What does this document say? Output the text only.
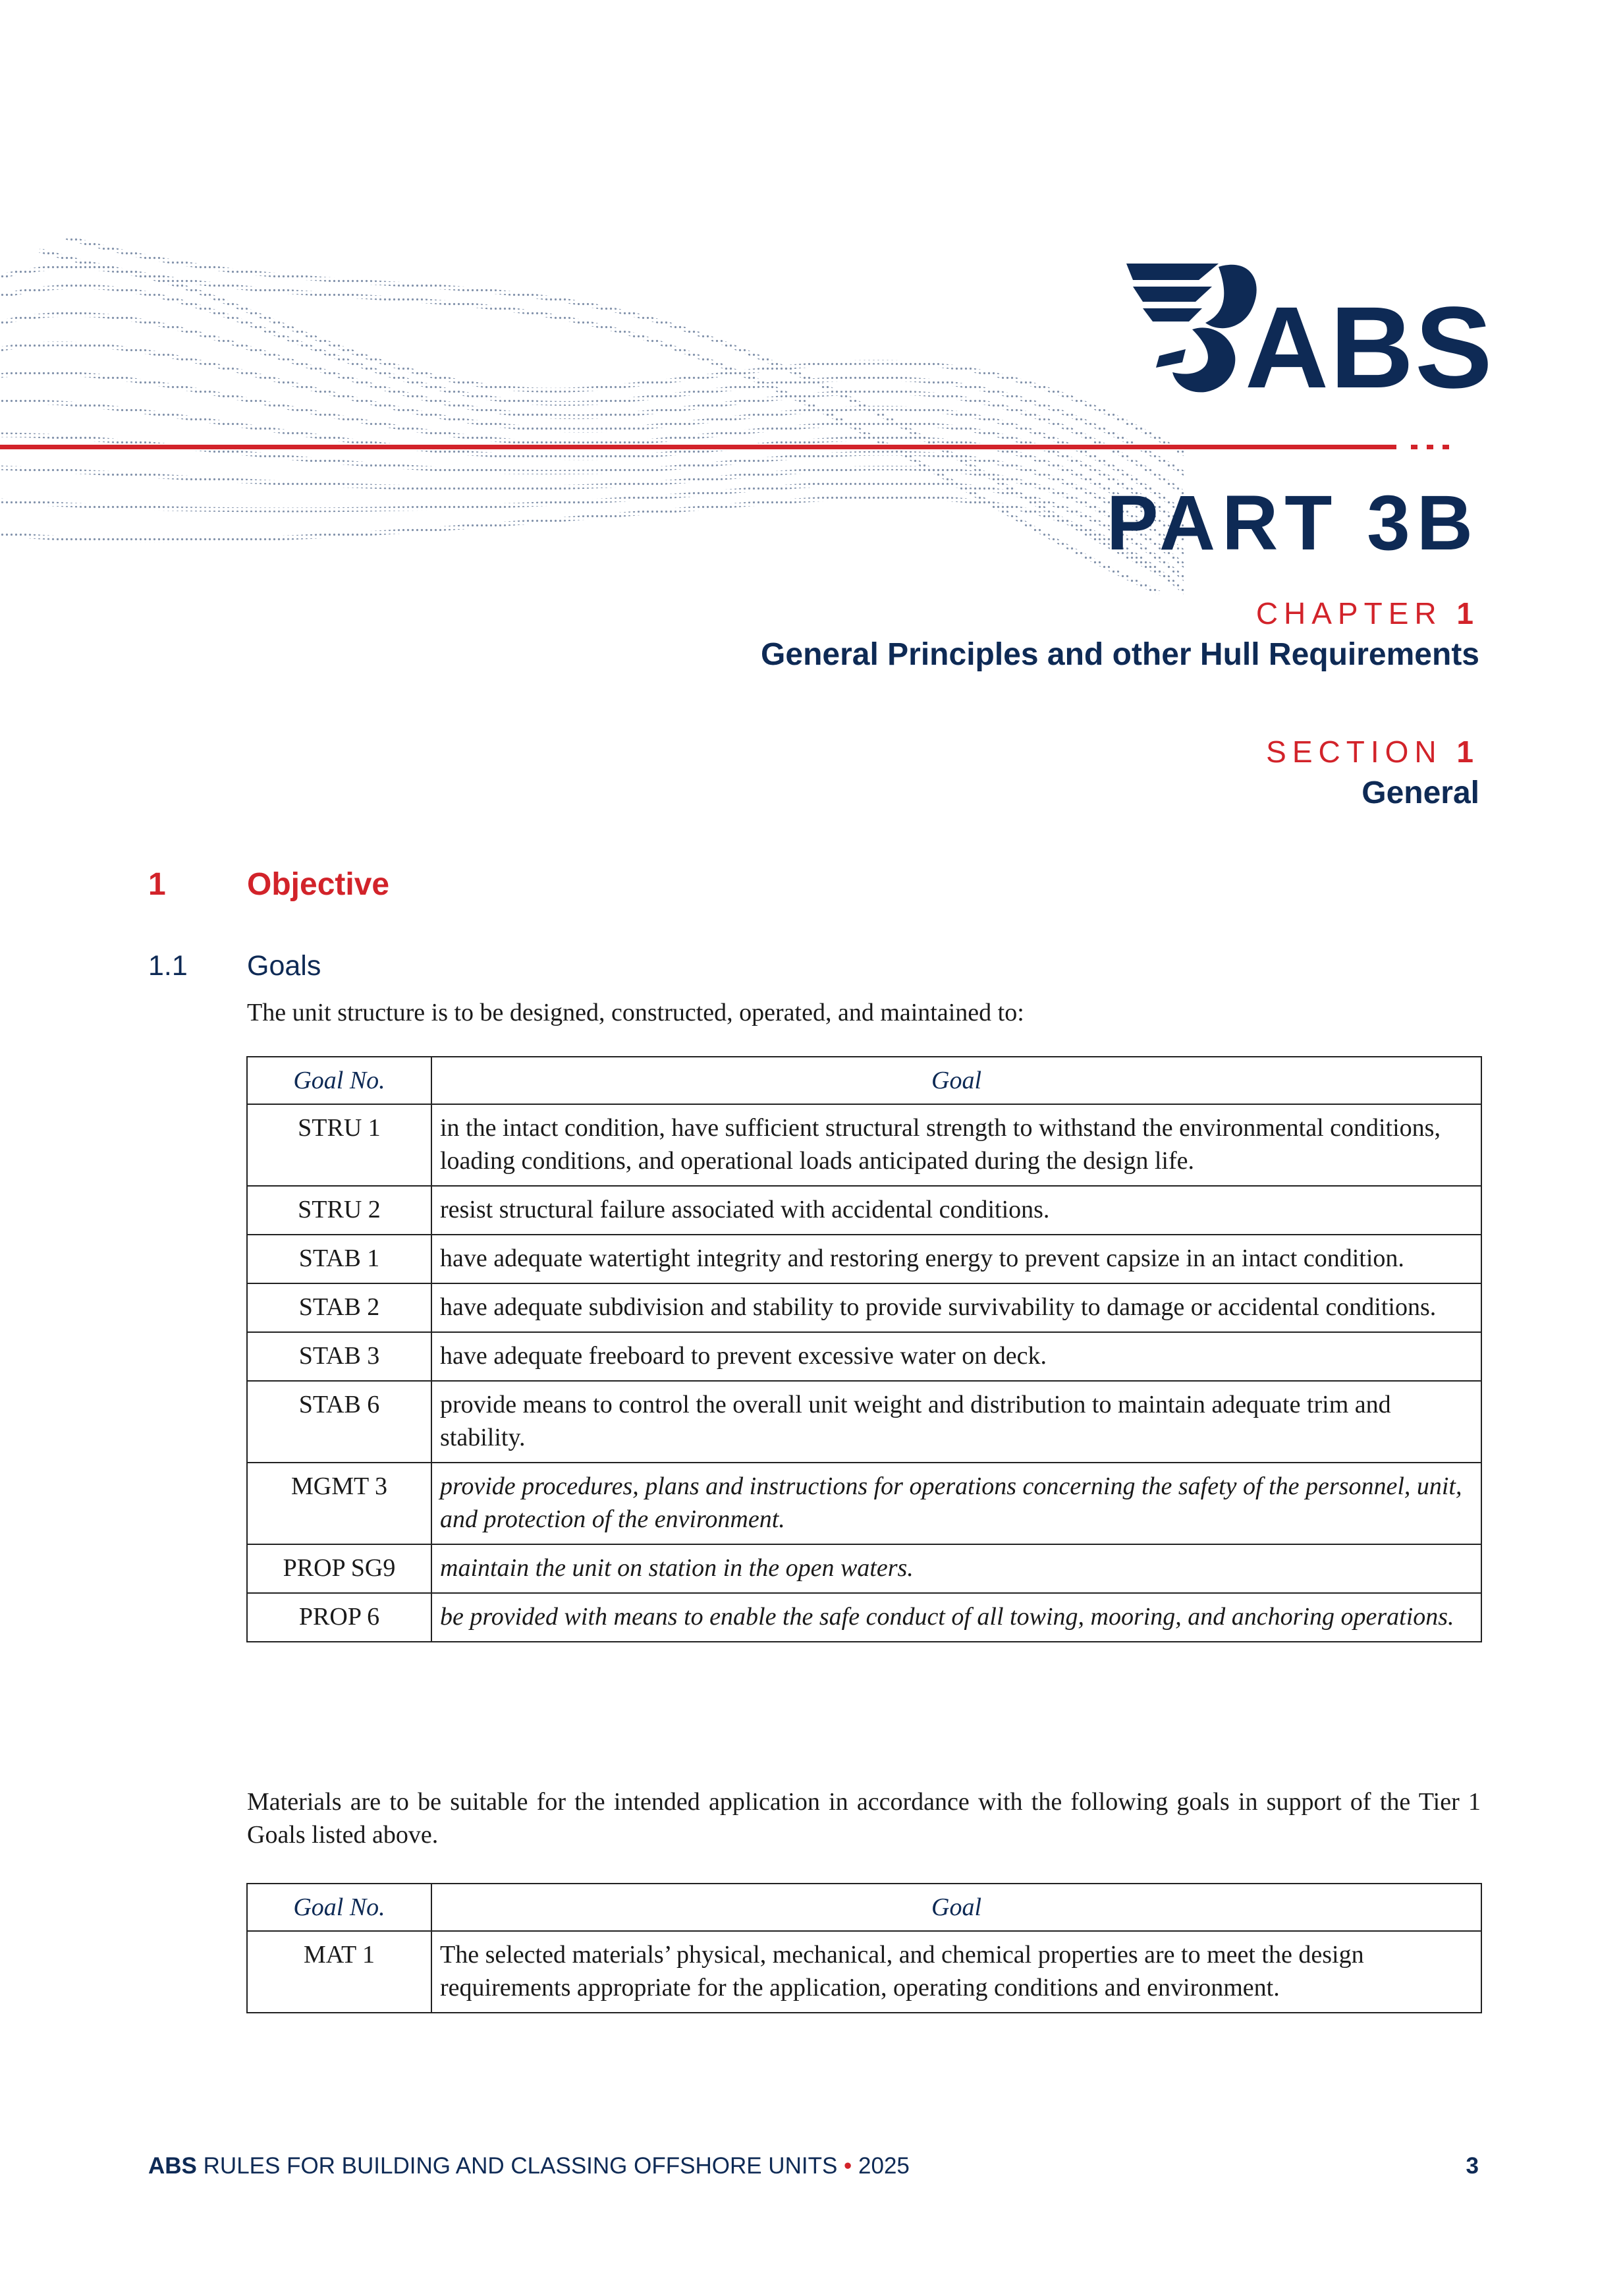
ABS
PART 3B
CHAPTER 1
General Principles and other Hull Requirements
SECTION 1
General
1	Objective
1.1 Goals

The unit structure is to be designed, constructed, operated, and maintained to:

Goal No.	Goal
STRU 1	in the intact condition, have sufficient structural strength to withstand the environmental conditions, loading conditions, and operational loads anticipated during the design life.
STRU 2	resist structural failure associated with accidental conditions.
STAB 1	have adequate watertight integrity and restoring energy to prevent capsize in an intact condition.
STAB 2	have adequate subdivision and stability to provide survivability to damage or accidental conditions.
STAB 3	have adequate freeboard to prevent excessive water on deck.
STAB 6	provide means to control the overall unit weight and distribution to maintain adequate trim and stability.
MGMT 3	provide procedures, plans and instructions for operations concerning the safety of the personnel, unit, and protection of the environment.
PROP SG9	maintain the unit on station in the open waters.
PROP 6	be provided with means to enable the safe conduct of all towing, mooring, and anchoring operations.

Materials are to be suitable for the intended application in accordance with the following goals in support of the Tier 1 Goals listed above.

Goal No.	Goal
MAT 1	The selected materials’ physical, mechanical, and chemical properties are to meet the design requirements appropriate for the application, operating conditions and environment.
ABS RULES FOR BUILDING AND CLASSING OFFSHORE UNITS • 2025	3
